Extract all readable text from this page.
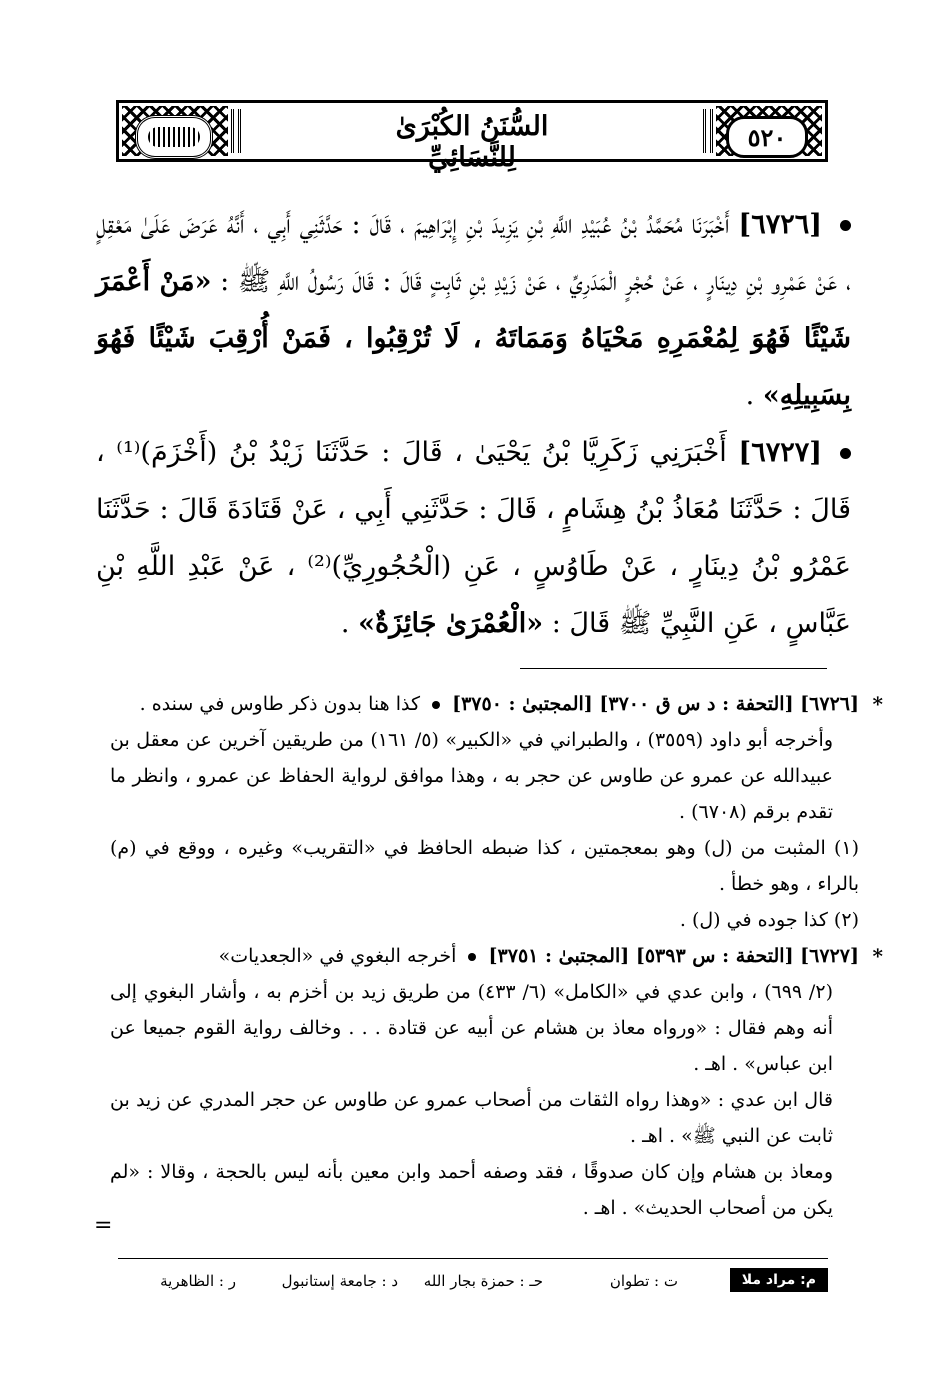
السُّنَنُ الكُبْرَىٰ لِلنَّسَائِيِّ
٥٢٠
[٦٧٢٦] أَخْبَرَنَا مُحَمَّدُ بْنُ عُبَيْدِ اللَّهِ بْنِ يَزِيدَ بْنِ إِبْرَاهِيمَ ، قَالَ : حَدَّثَنِي أَبِي ، أَنَّهُ عَرَضَ عَلَىٰ مَعْقِلٍ ، عَنْ عَمْرِو بْنِ دِينَارٍ ، عَنْ حُجْرٍ الْمَدَرِيِّ ، عَنْ زَيْدِ بْنِ ثَابِتٍ قَالَ : قَالَ رَسُولُ اللَّهِ ﷺ : «مَنْ أَعْمَرَ شَيْئًا فَهُوَ لِمُعْمَرِهِ مَحْيَاهُ وَمَمَاتَهُ ، لَا تُرْقِبُوا ، فَمَنْ أُرْقِبَ شَيْئًا فَهُوَ بِسَبِيلِهِ» .
[٦٧٢٧] أَخْبَرَنِي زَكَرِيَّا بْنُ يَحْيَىٰ ، قَالَ : حَدَّثَنَا زَيْدُ بْنُ (أَخْزَمَ)⁽¹⁾ ، قَالَ : حَدَّثَنَا مُعَاذُ بْنُ هِشَامٍ ، قَالَ : حَدَّثَنِي أَبِي ، عَنْ قَتَادَةَ قَالَ : حَدَّثَنَا عَمْرُو بْنُ دِينَارٍ ، عَنْ طَاوُسٍ ، عَنِ (الْحُجُورِيِّ)⁽²⁾ ، عَنْ عَبْدِ اللَّهِ بْنِ عَبَّاسٍ ، عَنِ النَّبِيِّ ﷺ قَالَ : «الْعُمْرَىٰ جَائِزَةٌ» .
*
[٦٧٢٦] [التحفة : د س ق ٣٧٠٠] [المجتبىٰ : ٣٧٥٠]  كذا هنا بدون ذكر طاوس في سنده .
وأخرجه أبو داود (٣٥٥٩) ، والطبراني في «الكبير» (٥/ ١٦١) من طريقين آخرين عن معقل بن عبيدالله عن عمرو عن طاوس عن حجر به ، وهذا موافق لرواية الحفاظ عن عمرو ، وانظر ما تقدم برقم (٦٧٠٨) .
(١) المثبت من (ل) وهو بمعجمتين ، كذا ضبطه الحافظ في «التقريب» وغيره ، ووقع في (م) بالراء ، وهو خطأ .
(٢) كذا جوده في (ل) .
*
[٦٧٢٧] [التحفة : س ٥٣٩٣] [المجتبىٰ : ٣٧٥١]  أخرجه البغوي في «الجعديات»
(٢/ ٦٩٩) ، وابن عدي في «الكامل» (٦/ ٤٣٣) من طريق زيد بن أخزم به ، وأشار البغوي إلى أنه وهم فقال : «ورواه معاذ بن هشام عن أبيه عن قتادة . . . وخالف رواية القوم جميعا عن ابن عباس» . اهـ .
قال ابن عدي : «وهذا رواه الثقات من أصحاب عمرو عن طاوس عن حجر المدري عن زيد بن ثابت عن النبي ﷺ» . اهـ .
ومعاذ بن هشام وإن كان صدوقًا ، فقد وصفه أحمد وابن معين بأنه ليس بالحجة ، وقالا : «لم يكن من أصحاب الحديث» . اهـ .
=
م: مراد ملا
ت : تطوان
حـ : حمزة بجار الله
د : جامعة إستانبول
ر : الظاهرية
